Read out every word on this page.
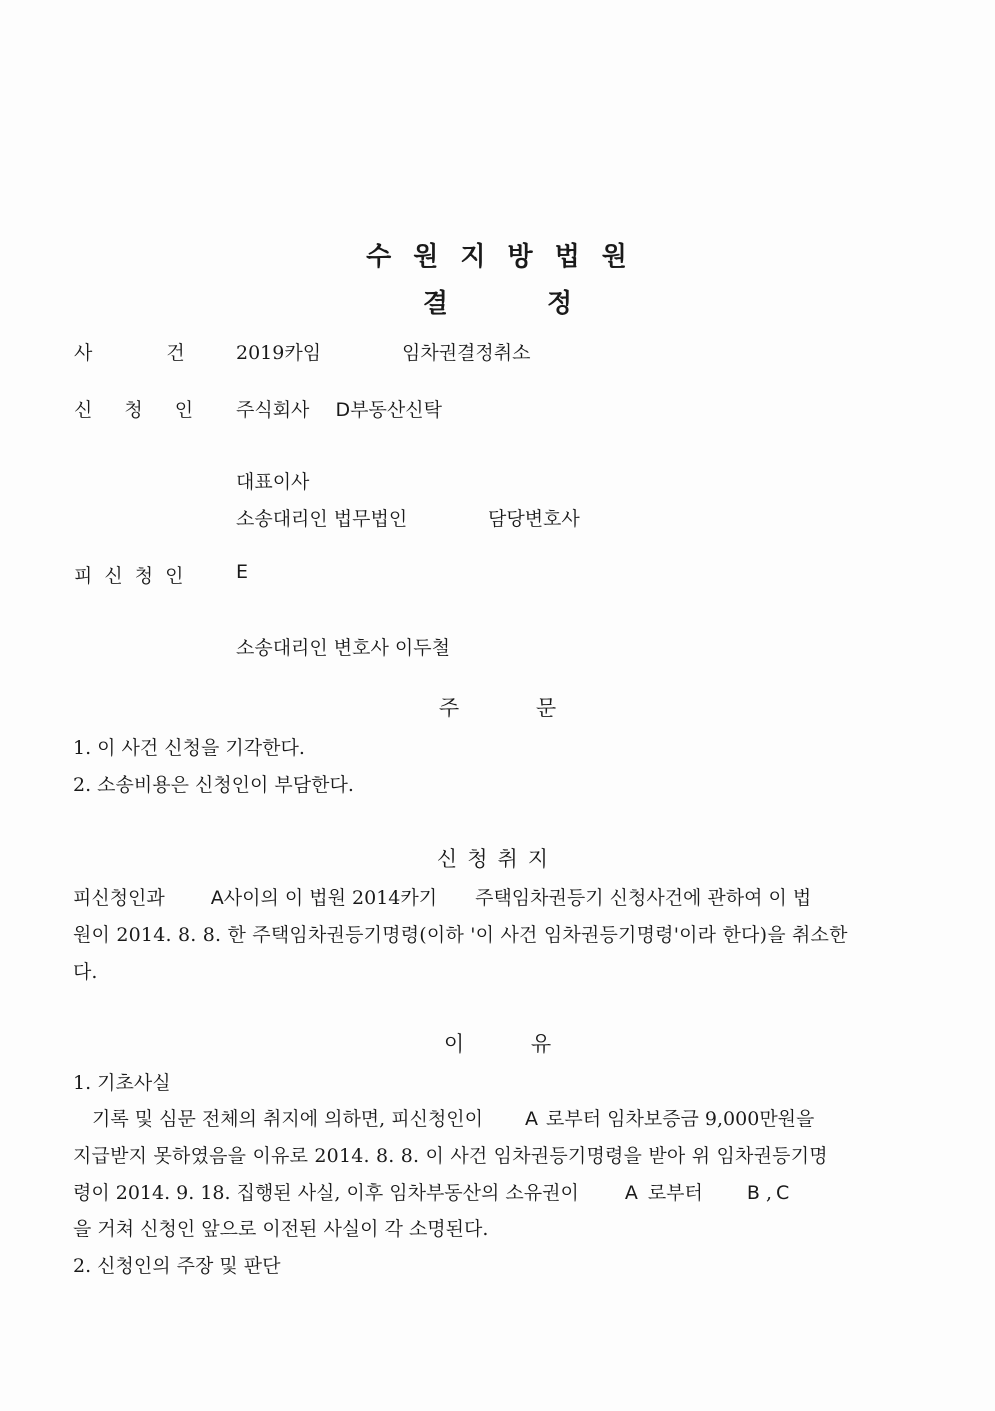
수원지방법원
결 정
사 건	2019카임	임차권결정취소
신 청 인 주식회사 D부동산신탁
대표이사
소송대리인 법무법인	담당변호사
피 신 청 인	E
소송대리인 변호사 이두철
주 문
1. 이 사건 신청을 기각한다.
2. 소송비용은 신청인이 부담한다.
신청취지
피신청인과 A사이의 이 법원 2014카기 주택임차권등기 신청사건에 관하여 이 법
원이 2014. 8. 8. 한 주택임차권등기명령(이하 '이 사건 임차권등기명령'이라 한다)을 취소한
다.
이 유
1. 기초사실
기록 및 심문 전체의 취지에 의하면, 피신청인이 A 로부터 임차보증금 9,000만원을
지급받지 못하였음을 이유로 2014. 8. 8. 이 사건 임차권등기명령을 받아 위 임차권등기명
령이 2014. 9. 18. 집행된 사실, 이후 임차부동산의 소유권이 A 로부터 B , C
을 거쳐 신청인 앞으로 이전된 사실이 각 소명된다.
2. 신청인의 주장 및 판단
